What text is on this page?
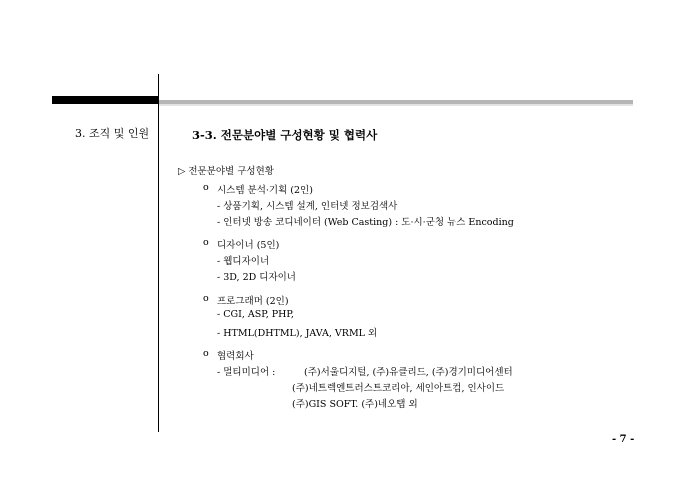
3. 조직 및 인원	3-3. 전문분야별 구성현황 및 협력사
▷ 전문분야별 구성현황
o 시스템 분석·기획 (2인)
- 상품기획, 시스템 설계, 인터넷 정보검색사
- 인터넷 방송 코디네이터 (Web Casting) : 도·시·군청 뉴스 Encoding
o 디자이너 (5인)
- 웹디자이너
- 3D, 2D 디자이너
o 프로그래머 (2인)
- CGI, ASP, PHP,
- HTML(DHTML), JAVA, VRML 외
o 협력회사
- 멀티미디어 :	(주)서울디지털, (주)유클리드, (주)경기미디어센터
(주)네트렉엔트러스트코리아, 세인아트컴, 인사이드
(주)GIS SOFT. (주)네오탭 외
- 7 -
